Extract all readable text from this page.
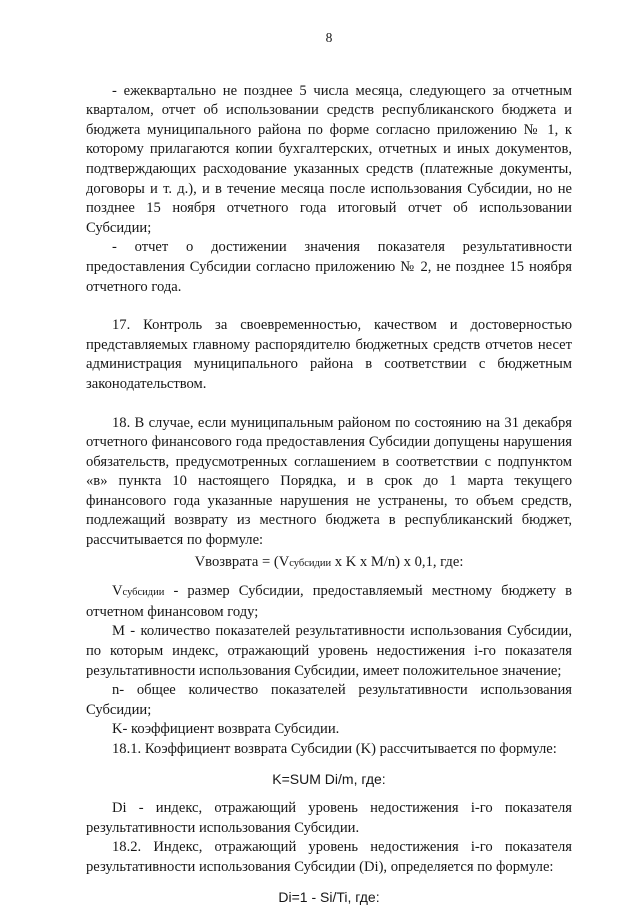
8

- ежеквартально не позднее 5 числа месяца, следующего за отчетным кварталом, отчет об использовании средств республиканского бюджета и бюджета муниципального района по форме согласно приложению № 1, к которому прилагаются копии бухгалтерских, отчетных и иных документов, подтверждающих расходование указанных средств (платежные документы, договоры и т. д.), и в течение месяца после использования Субсидии, но не позднее 15 ноября отчетного года итоговый отчет об использовании Субсидии;

- отчет о достижении значения показателя результативности предоставления Субсидии согласно приложению № 2, не позднее 15 ноября отчетного года.

17. Контроль за своевременностью, качеством и достоверностью представляемых главному распорядителю бюджетных средств отчетов несет администрация муниципального района в соответствии с бюджетным законодательством.

18. В случае, если муниципальным районом по состоянию на 31 декабря отчетного финансового года предоставления Субсидии допущены нарушения обязательств, предусмотренных соглашением в соответствии с подпунктом «в» пункта 10 настоящего Порядка, и в срок до 1 марта текущего финансового года указанные нарушения не устранены, то объем средств, подлежащий возврату из местного бюджета в республиканский бюджет, рассчитывается по формуле:

Vвозврата = (Vсубсидии x K x M/n) x 0,1, где:

Vсубсидии - размер Субсидии, предоставляемый местному бюджету в отчетном финансовом году;

М - количество показателей результативности использования Субсидии, по которым индекс, отражающий уровень недостижения i-го показателя результативности использования Субсидии, имеет положительное значение;

n- общее количество показателей результативности использования Субсидии;

K- коэффициент возврата Субсидии.

18.1. Коэффициент возврата Субсидии (K) рассчитывается по формуле:

K=SUM Di/m, где:

Di - индекс, отражающий уровень недостижения i-го показателя результативности использования Субсидии.

18.2. Индекс, отражающий уровень недостижения i-го показателя результативности использования Субсидии (Di), определяется по формуле:

Di=1 - Si/Ti, где:
